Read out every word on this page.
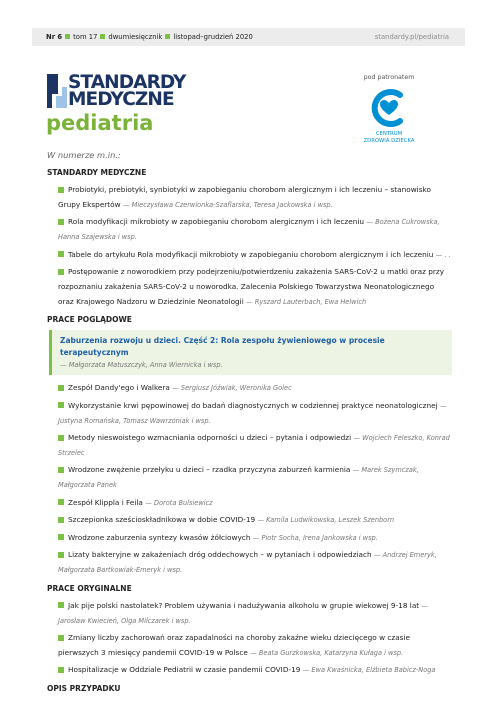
Nr 6 tom 17 dwumiesięcznik listopad–grudzień 2020	standardy.pl/pediatria
STANDARDY
MEDYCZNE
pediatria
pod patronatem
CENTRUM
ZDROWIA DZIECKA
W numerze m.in.:
STANDARDY MEDYCZNE
Probiotyki, prebiotyki, synbiotyki w zapobieganiu chorobom alergicznym i ich leczeniu – stanowisko Grupy Ekspertów — Mieczysława Czerwionka-Szaflarska, Teresa Jackowska i wsp.
Rola modyfikacji mikrobioty w zapobieganiu chorobom alergicznym i ich leczeniu — Bożena Cukrowska, Hanna Szajewska i wsp.
Tabele do artykułu Rola modyfikacji mikrobioty w zapobieganiu chorobom alergicznym i ich leczeniu — . .
Postępowanie z noworodkiem przy podejrzeniu/potwierdzeniu zakażenia SARS-CoV-2 u matki oraz przy rozpoznaniu zakażenia SARS-CoV-2 u noworodka. Zalecenia Polskiego Towarzystwa Neonatologicznego oraz Krajowego Nadzoru w Dziedzinie Neonatologii — Ryszard Lauterbach, Ewa Helwich
PRACE POGLĄDOWE
Zaburzenia rozwoju u dzieci. Część 2: Rola zespołu żywieniowego w procesie terapeutycznym
— Małgorzata Matuszczyk, Anna Wiernicka i wsp.
Zespół Dandy'ego i Walkera — Sergiusz Jóźwiak, Weronika Golec
Wykorzystanie krwi pępowinowej do badań diagnostycznych w codziennej praktyce neonatologicznej — Justyna Romańska, Tomasz Wawrzoniak i wsp.
Metody nieswoistego wzmacniania odporności u dzieci – pytania i odpowiedzi — Wojciech Feleszko, Konrad Strzelec
Wrodzone zwężenie przełyku u dzieci – rzadka przyczyna zaburzeń karmienia — Marek Szymczak, Małgorzata Panek
Zespół Klippla i Feila — Dorota Bulsiewicz
Szczepionka sześcioskładnikowa w dobie COVID-19 — Kamila Ludwikowska, Leszek Szenborn
Wrodzone zaburzenia syntezy kwasów żółciowych — Piotr Socha, Irena Jankowska i wsp.
Lizaty bakteryjne w zakażeniach dróg oddechowych – w pytaniach i odpowiedziach — Andrzej Emeryk, Małgorzata Bartkowiak-Emeryk i wsp.
PRACE ORYGINALNE
Jak pije polski nastolatek? Problem używania i nadużywania alkoholu w grupie wiekowej 9-18 lat — Jarosław Kwiecień, Olga Milczarek i wsp.
Zmiany liczby zachorowań oraz zapadalności na choroby zakaźne wieku dziecięcego w czasie pierwszych 3 miesięcy pandemii COVID-19 w Polsce — Beata Gurzkowska, Katarzyna Kułaga i wsp.
Hospitalizacje w Oddziale Pediatrii w czasie pandemii COVID-19 — Ewa Kwaśnicka, Elżbieta Babicz-Noga
OPIS PRZYPADKU
